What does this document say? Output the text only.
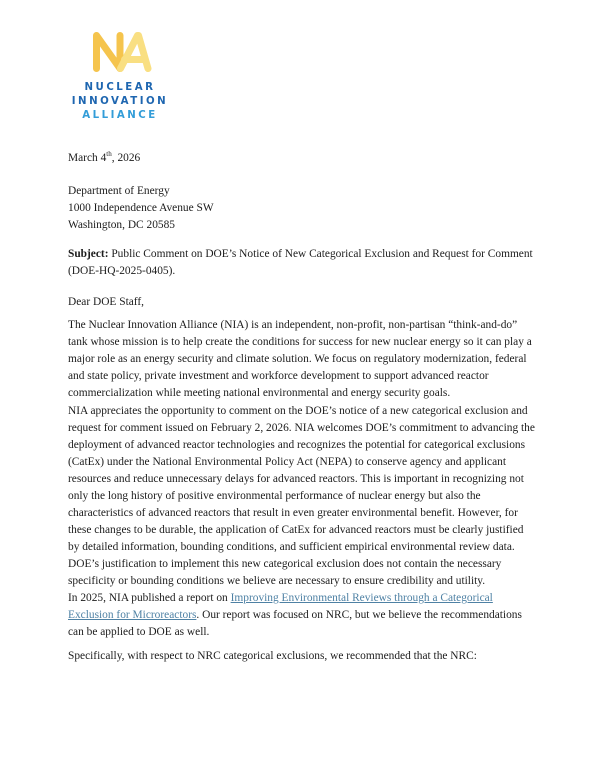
NUCLEAR
INNOVATION
ALLIANCE
March 4th, 2026
Department of Energy
1000 Independence Avenue SW
Washington, DC 20585
Subject: Public Comment on DOE’s Notice of New Categorical Exclusion and Request for Comment (DOE-HQ-2025-0405).
Dear DOE Staff,

The Nuclear Innovation Alliance (NIA) is an independent, non-profit, non-partisan “think-and-do” tank whose mission is to help create the conditions for success for new nuclear energy so it can play a major role as an energy security and climate solution. We focus on regulatory modernization, federal and state policy, private investment and workforce development to support advanced reactor commercialization while meeting national environmental and energy security goals.

NIA appreciates the opportunity to comment on the DOE’s notice of a new categorical exclusion and request for comment issued on February 2, 2026. NIA welcomes DOE’s commitment to advancing the deployment of advanced reactor technologies and recognizes the potential for categorical exclusions (CatEx) under the National Environmental Policy Act (NEPA) to conserve agency and applicant resources and reduce unnecessary delays for advanced reactors. This is important in recognizing not only the long history of positive environmental performance of nuclear energy but also the characteristics of advanced reactors that result in even greater environmental benefit. However, for these changes to be durable, the application of CatEx for advanced reactors must be clearly justified by detailed information, bounding conditions, and sufficient empirical environmental review data. DOE’s justification to implement this new categorical exclusion does not contain the necessary specificity or bounding conditions we believe are necessary to ensure credibility and utility.

In 2025, NIA published a report on Improving Environmental Reviews through a Categorical Exclusion for Microreactors. Our report was focused on NRC, but we believe the recommendations can be applied to DOE as well.

Specifically, with respect to NRC categorical exclusions, we recommended that the NRC:
